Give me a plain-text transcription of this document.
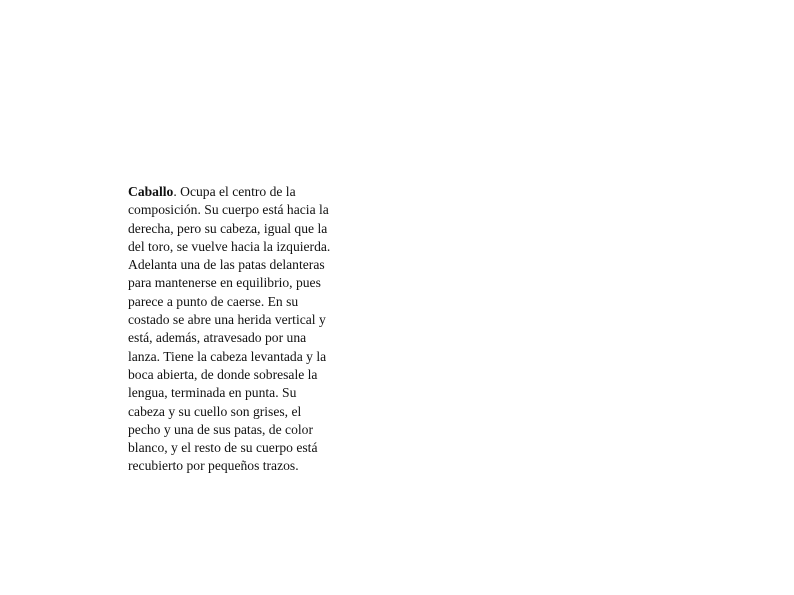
Caballo. Ocupa el centro de la
composición. Su cuerpo está hacia la
derecha, pero su cabeza, igual que la
del toro, se vuelve hacia la izquierda.
Adelanta una de las patas delanteras
para mantenerse en equilibrio, pues
parece a punto de caerse. En su
costado se abre una herida vertical y
está, además, atravesado por una
lanza. Tiene la cabeza levantada y la
boca abierta, de donde sobresale la
lengua, terminada en punta. Su
cabeza y su cuello son grises, el
pecho y una de sus patas, de color
blanco, y el resto de su cuerpo está
recubierto por pequeños trazos.
